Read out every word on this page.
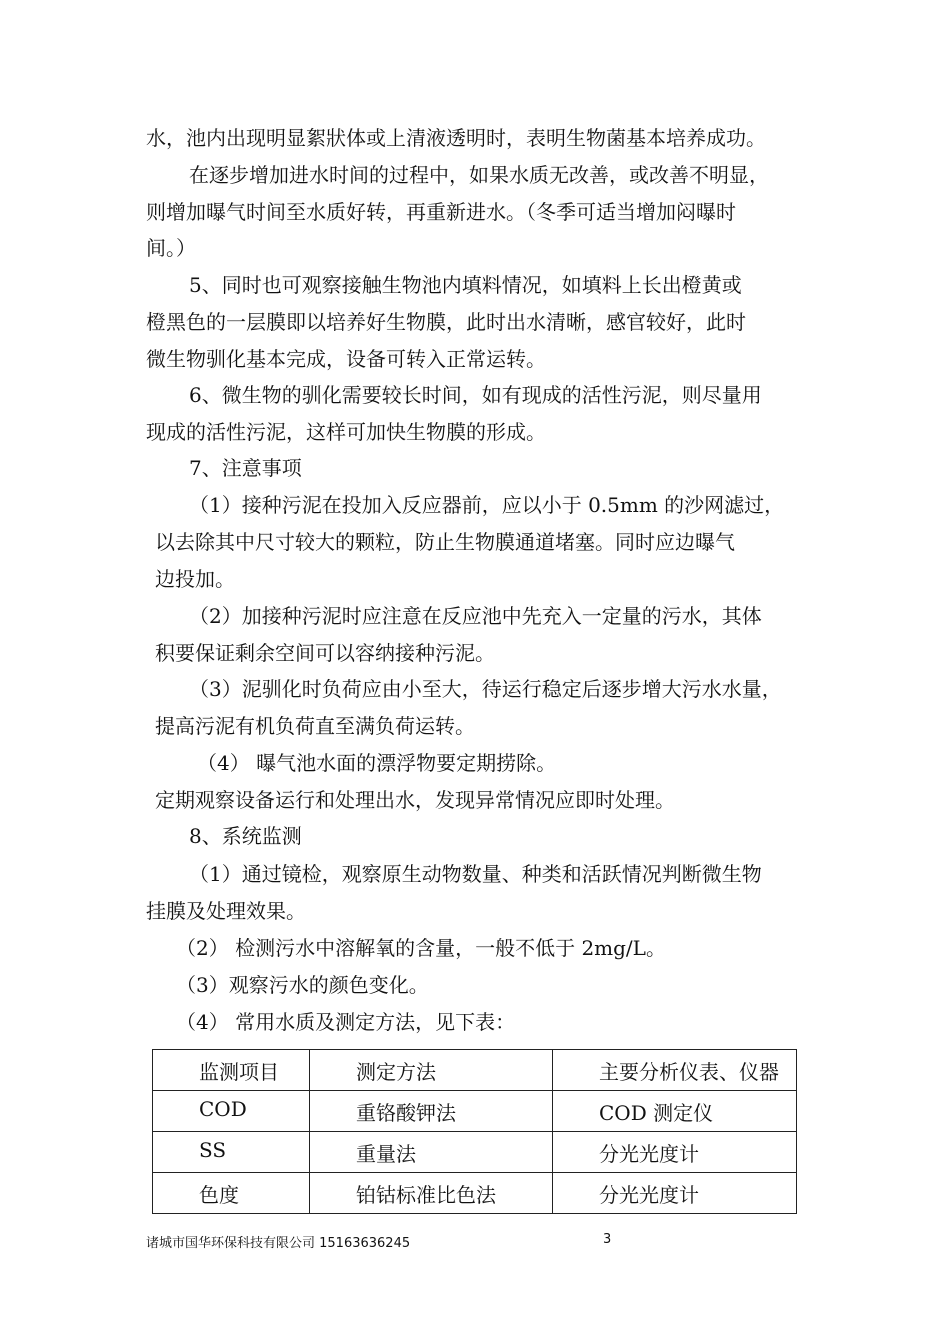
水，池内出现明显絮狀体或上清液透明时，表明生物菌基本培养成功。
在逐步增加进水时间的过程中，如果水质无改善，或改善不明显，
则增加曝气时间至水质好转，再重新进水。（冬季可适当增加闷曝时
间。）
5、同时也可观察接触生物池内填料情况，如填料上长出橙黄或
橙黑色的一层膜即以培养好生物膜，此时出水清晰，感官较好，此时
微生物驯化基本完成，设备可转入正常运转。
6、微生物的驯化需要较长时间，如有现成的活性污泥，则尽量用
现成的活性污泥，这样可加快生物膜的形成。
7、注意事项
（1）接种污泥在投加入反应器前，应以小于 0.5mm 的沙网滤过，
以去除其中尺寸较大的颗粒，防止生物膜通道堵塞。同时应边曝气
边投加。
（2）加接种污泥时应注意在反应池中先充入一定量的污水，其体
积要保证剩余空间可以容纳接种污泥。
（3）泥驯化时负荷应由小至大，待运行稳定后逐步增大污水水量，
提高污泥有机负荷直至满负荷运转。
（4） 曝气池水面的漂浮物要定期捞除。
定期观察设备运行和处理出水，发现异常情况应即时处理。
8、系统监测
（1）通过镜检，观察原生动物数量、种类和活跃情况判断微生物
挂膜及处理效果。
（2） 检测污水中溶解氧的含量，一般不低于 2mg/L。
（3）观察污水的颜色变化。
（4） 常用水质及测定方法，见下表：
监测项目	测定方法	主要分析仪表、仪器

COD	重铬酸钾法	COD 测定仪

SS	重量法	分光光度计

色度	铂钴标准比色法	分光光度计
诸城市国华环保科技有限公司 15163636245	3
